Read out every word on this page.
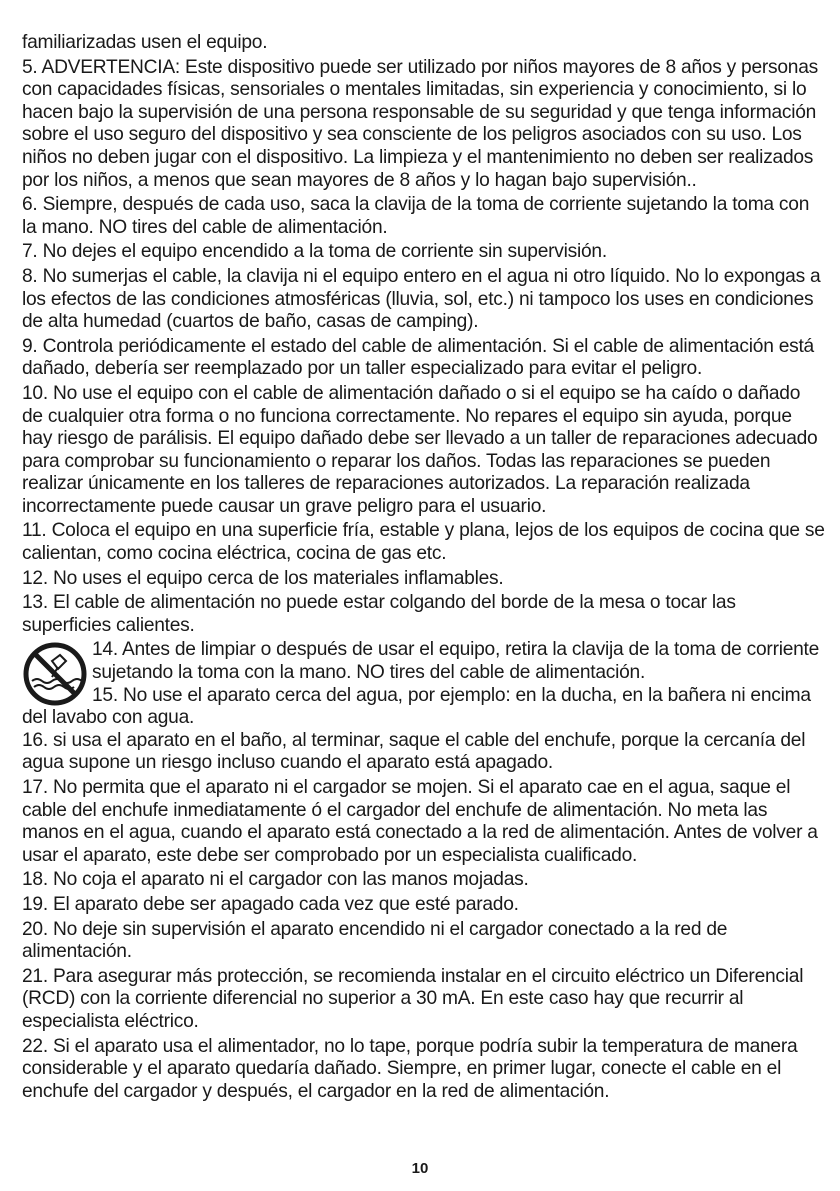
familiarizadas usen el equipo.

5. ADVERTENCIA: Este dispositivo puede ser utilizado por niños mayores de 8 años y personas con capacidades físicas, sensoriales o mentales limitadas, sin experiencia y conocimiento, si lo hacen bajo la supervisión de una persona responsable de su seguridad y que tenga información sobre el uso seguro del dispositivo y sea consciente de los peligros asociados con su uso. Los niños no deben jugar con el dispositivo. La limpieza y el mantenimiento no deben ser realizados por los niños, a menos que sean mayores de 8 años y lo hagan bajo supervisión..

6. Siempre, después de cada uso, saca la clavija de la toma de corriente sujetando la toma con la mano. NO tires del cable de alimentación.

7. No dejes el equipo encendido a la toma de corriente sin supervisión.

8. No sumerjas el cable, la clavija ni el equipo entero en el agua ni otro líquido. No lo expongas a los efectos de las condiciones atmosféricas (lluvia, sol, etc.) ni tampoco los uses en condiciones de alta humedad (cuartos de baño, casas de camping).

9. Controla periódicamente el estado del cable de alimentación. Si el cable de alimentación está dañado, debería ser reemplazado por un taller especializado para evitar el peligro.

10. No use el equipo con el cable de alimentación dañado o si el equipo se ha caído o dañado de cualquier otra forma o no funciona correctamente. No repares el equipo sin ayuda, porque hay riesgo de parálisis. El equipo dañado debe ser llevado a un taller de reparaciones adecuado para comprobar su funcionamiento o reparar los daños. Todas las reparaciones se pueden realizar únicamente en los talleres de reparaciones autorizados. La reparación realizada incorrectamente puede causar un grave peligro para el usuario.

11. Coloca el equipo en una superficie fría, estable y plana, lejos de los equipos de cocina que se calientan, como cocina eléctrica, cocina de gas etc.

12. No uses el equipo cerca de los materiales inflamables.

13. El cable de alimentación no puede estar colgando del borde de la mesa o tocar las superficies calientes.

14. Antes de limpiar o después de usar el equipo, retira la clavija de la toma de corriente sujetando la toma con la mano. NO tires del cable de alimentación.

15. No use el aparato cerca del agua, por ejemplo: en la ducha, en la bañera ni encima del lavabo con agua.

16. si usa el aparato en el baño, al terminar, saque el cable del enchufe, porque la cercanía del agua supone un riesgo incluso cuando el aparato está apagado.

17. No permita que el aparato ni el cargador se mojen. Si el aparato cae en el agua, saque el cable del enchufe inmediatamente ó el cargador del enchufe de alimentación. No meta las manos en el agua, cuando el aparato está conectado a la red de alimentación. Antes de volver a usar el aparato, este debe ser comprobado por un especialista cualificado.

18. No coja el aparato ni el cargador con las manos mojadas.

19. El aparato debe ser apagado cada vez que esté parado.

20. No deje sin supervisión el aparato encendido ni el cargador conectado a la red de alimentación.

21. Para asegurar más protección, se recomienda instalar en el circuito eléctrico un Diferencial (RCD) con la corriente diferencial no superior a 30 mA. En este caso hay que recurrir al especialista eléctrico.

22. Si el aparato usa el alimentador, no lo tape, porque podría subir la temperatura de manera considerable y el aparato quedaría dañado. Siempre, en primer lugar, conecte el cable en el enchufe del cargador y después, el cargador en la red de alimentación.

10
